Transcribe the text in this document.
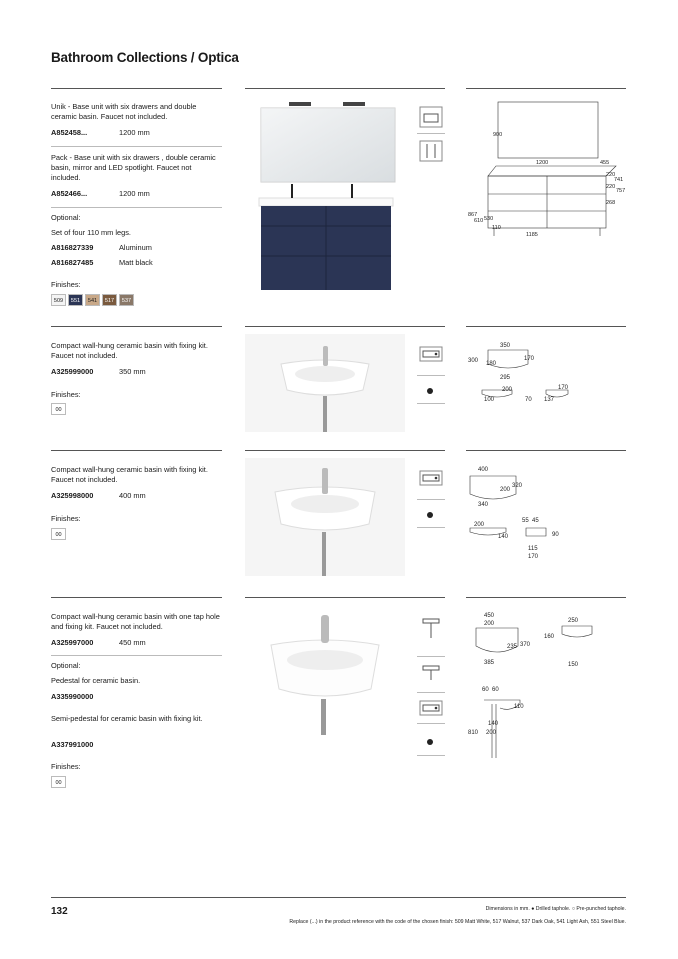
Bathroom Collections / Optica
Unik - Base unit with six drawers and double ceramic basin. Faucet not included.
A852458...	1200 mm
Pack - Base unit with six drawers , double ceramic basin, mirror and LED spotlight. Faucet not included.
A852466...	1200 mm
Optional:
Set of four 110 mm legs.
A816827339	Aluminum
A816827485	Matt black
Finishes:
509	551	541	517	537
900
1200	455
220
741
757
220
268
867
610 530
110
1185
Compact wall-hung ceramic basin with fixing kit. Faucet not included.
A325999000	350 mm
Finishes:
00
350
300 180
170
295
200
100	70
170
137
Compact wall-hung ceramic basin with fixing kit. Faucet not included.
A325998000	400 mm
Finishes:
00
400
200
320
340
200
55 45
140	90
115
170
Compact wall-hung ceramic basin with one tap hole and fixing kit. Faucet not included.
A325997000	450 mm
Optional:
Pedestal for ceramic basin.
A335990000
Semi-pedestal for ceramic basin with fixing kit.
A337991000
Finishes:
00
450
200	250
160
235 370
385	150
60 60
110
140
810 200
132	Dimensions in mm. ● Drilled taphole. ○ Pre-punched taphole.
Replace (...) in the product reference with the code of the chosen finish: 509 Matt White, 517 Walnut, 537 Dark Oak, 541 Light Ash, 551 Steel Blue.
